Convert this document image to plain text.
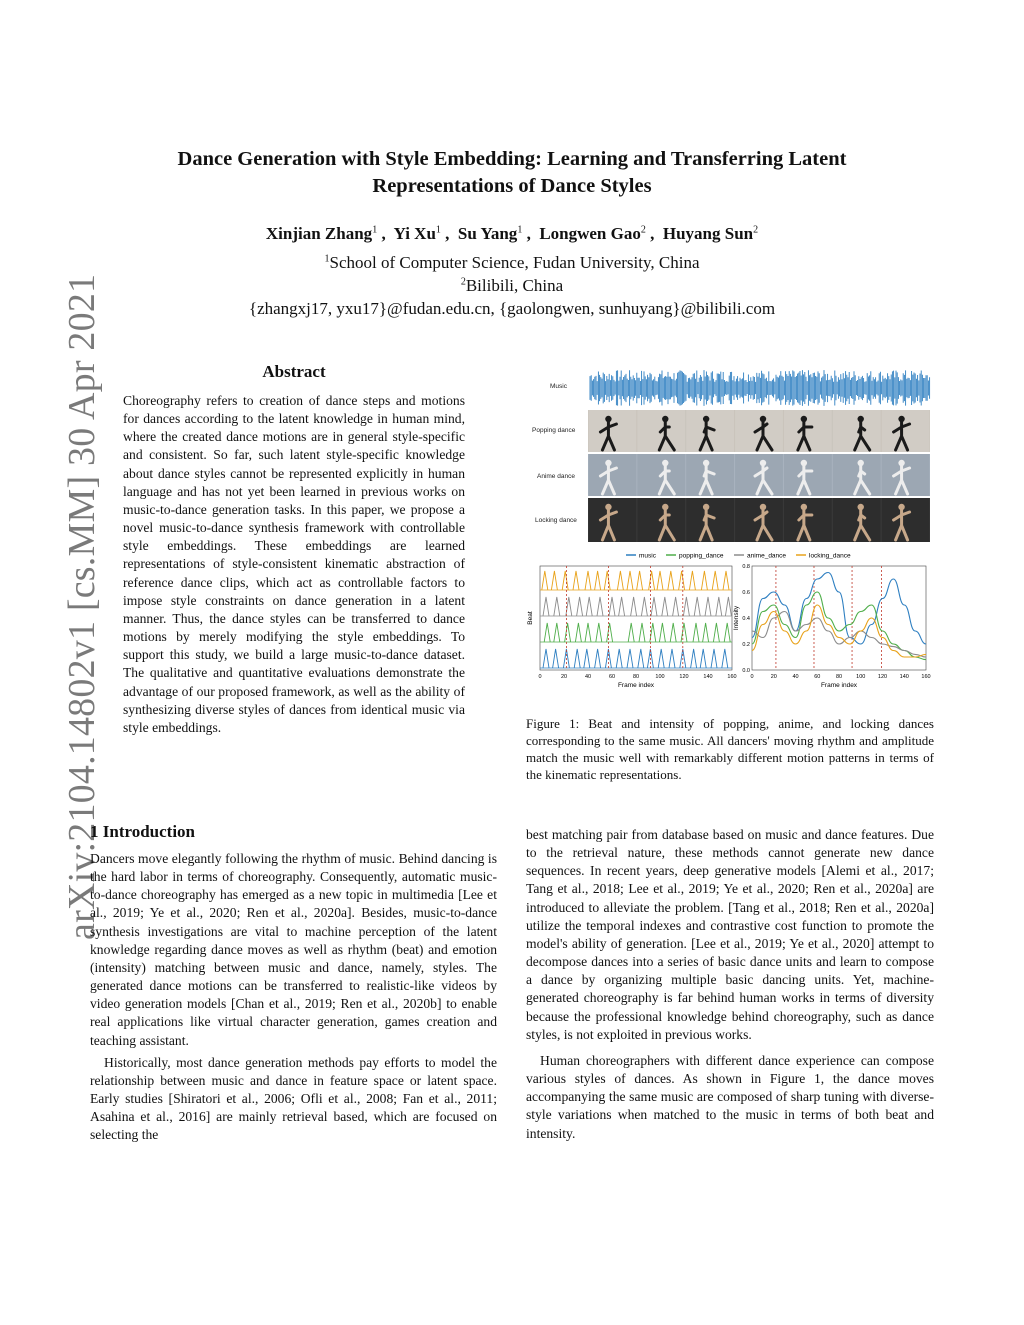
arXiv:2104.14802v1 [cs.MM] 30 Apr 2021
Dance Generation with Style Embedding: Learning and Transferring Latent
Representations of Dance Styles
Xinjian Zhang$^1$ ,  Yi Xu$^1$ ,  Su Yang$^1$ ,  Longwen Gao$^2$ ,  Huyang Sun$^2$
$^1$School of Computer Science, Fudan University, China
$^2$Bilibili, China
{zhangxj17, yxu17}@fudan.edu.cn, {gaolongwen, sunhuyang}@bilibili.com
Abstract
Choreography refers to creation of dance steps and motions for dances according to the latent knowledge in human mind, where the created dance motions are in general style-specific and consistent. So far, such latent style-specific knowledge about dance styles cannot be represented explicitly in human language and has not yet been learned in previous works on music-to-dance generation tasks. In this paper, we propose a novel music-to-dance synthesis framework with controllable style embeddings. These embeddings are learned representations of style-consistent kinematic abstraction of reference dance clips, which act as controllable factors to impose style constraints on dance generation in a latent manner. Thus, the dance styles can be transferred to dance motions by merely modifying the style embeddings. To support this study, we build a large music-to-dance dataset. The qualitative and quantitative evaluations demonstrate the advantage of our proposed framework, as well as the ability of synthesizing diverse styles of dances from identical music via style embeddings.
Music
Popping dance
Anime dance
Locking dance
music	popping_dance	anime_dance	locking_dance
0	20	40	60	80	100	120	140	160
Frame index
Beat
0	20	40	60	80	100 120 140 160
0.0
0.2
0.4
0.6
0.8
Frame index
Intensity
Figure 1: Beat and intensity of popping, anime, and locking dances corresponding to the same music. All dancers' moving rhythm and amplitude match the music well with remarkably different motion patterns in terms of the kinematic representations.
1 Introduction

Dancers move elegantly following the rhythm of music. Behind dancing is the hard labor in terms of choreography. Consequently, automatic music-to-dance choreography has emerged as a new topic in multimedia [Lee et al., 2019; Ye et al., 2020; Ren et al., 2020a]. Besides, music-to-dance synthesis investigations are vital to machine perception of the latent knowledge regarding dance moves as well as rhythm (beat) and emotion (intensity) matching between music and dance, namely, styles. The generated dance motions can be transferred to realistic-like videos by video generation models [Chan et al., 2019; Ren et al., 2020b] to enable real applications like virtual character generation, games creation and teaching assistant.

Historically, most dance generation methods pay efforts to model the relationship between music and dance in feature space or latent space. Early studies [Shiratori et al., 2006; Ofli et al., 2008; Fan et al., 2011; Asahina et al., 2016] are mainly retrieval based, which are focused on selecting the

best matching pair from database based on music and dance features. Due to the retrieval nature, these methods cannot generate new dance sequences. In recent years, deep generative models [Alemi et al., 2017; Tang et al., 2018; Lee et al., 2019; Ye et al., 2020; Ren et al., 2020a] are introduced to alleviate the problem. [Tang et al., 2018; Ren et al., 2020a] utilize the temporal indexes and contrastive cost function to promote the model's ability of generation. [Lee et al., 2019; Ye et al., 2020] attempt to decompose dances into a series of basic dance units and learn to compose a dance by organizing multiple basic dancing units. Yet, machine-generated choreography is far behind human works in terms of diversity because the professional knowledge behind choreography, such as dance styles, is not exploited in previous works.

Human choreographers with different dance experience can compose various styles of dances. As shown in Figure 1, the dance moves accompanying the same music are composed of sharp tuning with diverse-style variations when matched to the music in terms of both beat and intensity.
